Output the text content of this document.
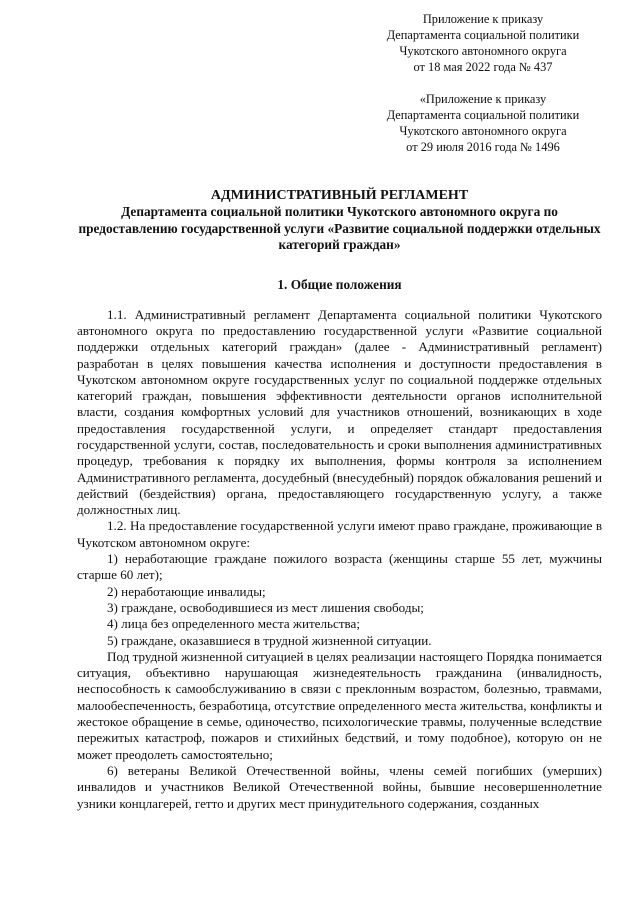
Приложение к приказу
Департамента социальной политики
Чукотского автономного округа
от 18 мая 2022 года № 437
«Приложение к приказу
Департамента социальной политики
Чукотского автономного округа
от 29 июля 2016 года № 1496
АДМИНИСТРАТИВНЫЙ РЕГЛАМЕНТ
Департамента социальной политики Чукотского автономного округа по предоставлению государственной услуги «Развитие социальной поддержки отдельных категорий граждан»
1. Общие положения

1.1. Административный регламент Департамента социальной политики Чукотского автономного округа по предоставлению государственной услуги «Развитие социальной поддержки отдельных категорий граждан» (далее - Административный регламент) разработан в целях повышения качества исполнения и доступности предоставления в Чукотском автономном округе государственных услуг по социальной поддержке отдельных категорий граждан, повышения эффективности деятельности органов исполнительной власти, создания комфортных условий для участников отношений, возникающих в ходе предоставления государственной услуги, и определяет стандарт предоставления государственной услуги, состав, последовательность и сроки выполнения административных процедур, требования к порядку их выполнения, формы контроля за исполнением Административного регламента, досудебный (внесудебный) порядок обжалования решений и действий (бездействия) органа, предоставляющего государственную услугу, а также должностных лиц.

1.2. На предоставление государственной услуги имеют право граждане, проживающие в Чукотском автономном округе:

1) неработающие граждане пожилого возраста (женщины старше 55 лет, мужчины старше 60 лет);

2) неработающие инвалиды;

3) граждане, освободившиеся из мест лишения свободы;

4) лица без определенного места жительства;

5) граждане, оказавшиеся в трудной жизненной ситуации.

Под трудной жизненной ситуацией в целях реализации настоящего Порядка понимается ситуация, объективно нарушающая жизнедеятельность гражданина (инвалидность, неспособность к самообслуживанию в связи с преклонным возрастом, болезнью, травмами, малообеспеченность, безработица, отсутствие определенного места жительства, конфликты и жестокое обращение в семье, одиночество, психологические травмы, полученные вследствие пережитых катастроф, пожаров и стихийных бедствий, и тому подобное), которую он не может преодолеть самостоятельно;

6) ветераны Великой Отечественной войны, члены семей погибших (умерших) инвалидов и участников Великой Отечественной войны, бывшие несовершеннолетние узники концлагерей, гетто и других мест принудительного содержания, созданных
